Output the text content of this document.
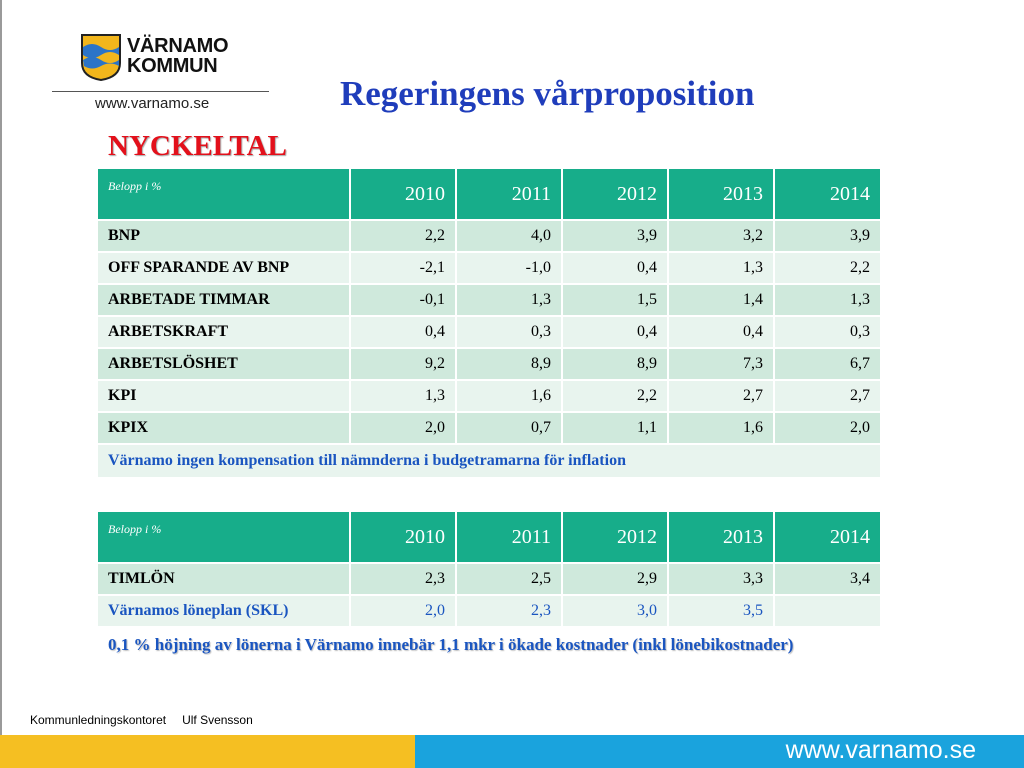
VÄRNAMO
KOMMUN
www.varnamo.se	Regeringens vårproposition
NYCKELTAL
Belopp i %	2010	2011	2012	2013	2014
BNP	2,2	4,0	3,9	3,2	3,9
OFF SPARANDE AV BNP	-2,1	-1,0	0,4	1,3	2,2
ARBETADE TIMMAR	-0,1	1,3	1,5	1,4	1,3
ARBETSKRAFT	0,4	0,3	0,4	0,4	0,3
ARBETSLÖSHET	9,2	8,9	8,9	7,3	6,7
KPI	1,3	1,6	2,2	2,7	2,7
KPIX	2,0	0,7	1,1	1,6	2,0
Värnamo ingen kompensation till nämnderna i budgetramarna för inflation					
Belopp i %	2010	2011	2012	2013	2014
TIMLÖN	2,3	2,5	2,9	3,3	3,4
Värnamos löneplan (SKL)	2,0	2,3	3,0	3,5	
0,1 % höjning av lönerna i Värnamo innebär 1,1 mkr i ökade kostnader (inkl lönebikostnader)
Kommunledningskontoret Ulf Svensson
www.varnamo.se
